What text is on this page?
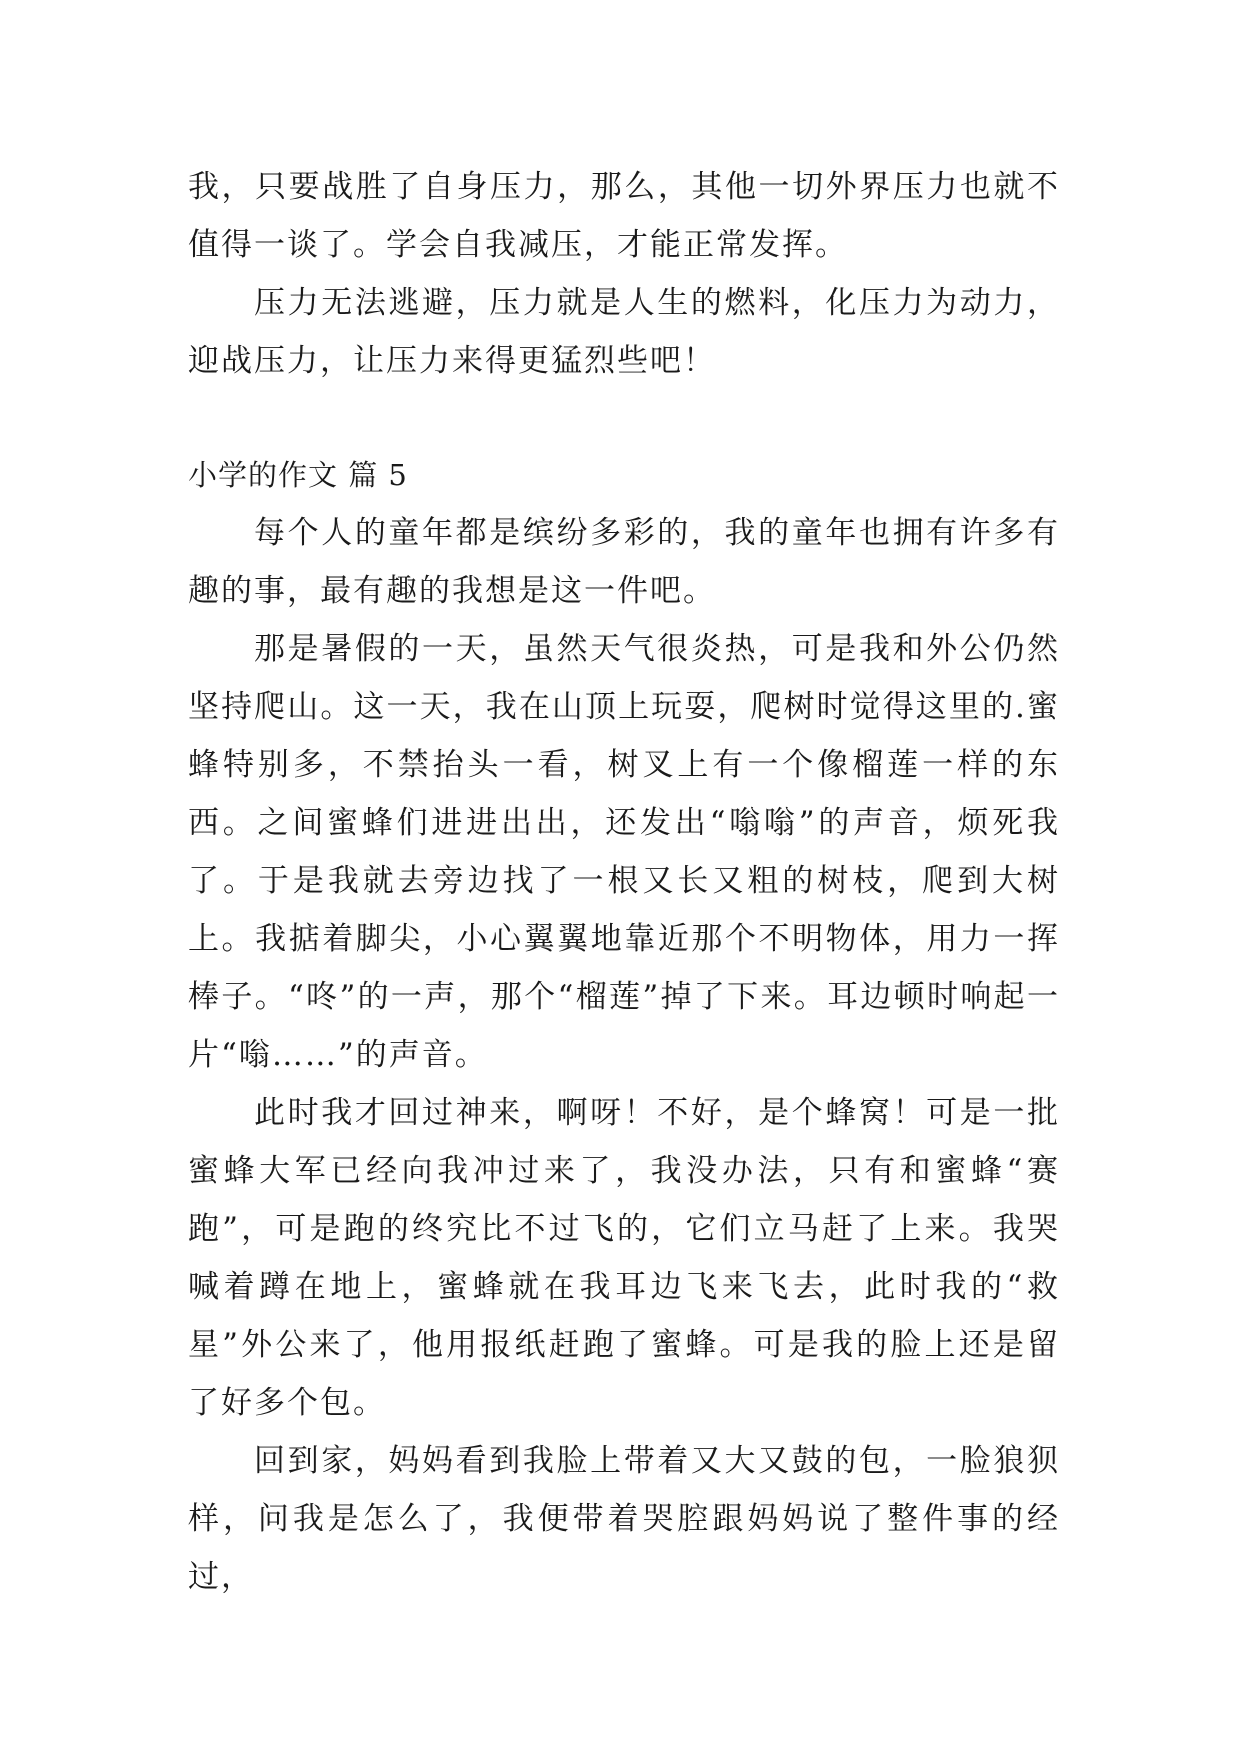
我，只要战胜了自身压力，那么，其他一切外界压力也就不值得一谈了。学会自我减压，才能正常发挥。

压力无法逃避，压力就是人生的燃料，化压力为动力，迎战压力，让压力来得更猛烈些吧！

小学的作文 篇 5

每个人的童年都是缤纷多彩的，我的童年也拥有许多有趣的事，最有趣的我想是这一件吧。

那是暑假的一天，虽然天气很炎热，可是我和外公仍然坚持爬山。这一天，我在山顶上玩耍，爬树时觉得这里的.蜜蜂特别多，不禁抬头一看，树叉上有一个像榴莲一样的东西。之间蜜蜂们进进出出，还发出“嗡嗡”的声音，烦死我了。于是我就去旁边找了一根又长又粗的树枝，爬到大树上。我掂着脚尖，小心翼翼地靠近那个不明物体，用力一挥棒子。“咚”的一声，那个“榴莲”掉了下来。耳边顿时响起一片“嗡……”的声音。

此时我才回过神来，啊呀！不好，是个蜂窝！可是一批蜜蜂大军已经向我冲过来了，我没办法，只有和蜜蜂“赛跑”，可是跑的终究比不过飞的，它们立马赶了上来。我哭喊着蹲在地上，蜜蜂就在我耳边飞来飞去，此时我的“救星”外公来了，他用报纸赶跑了蜜蜂。可是我的脸上还是留了好多个包。

回到家，妈妈看到我脸上带着又大又鼓的包，一脸狼狈样，问我是怎么了，我便带着哭腔跟妈妈说了整件事的经过，
